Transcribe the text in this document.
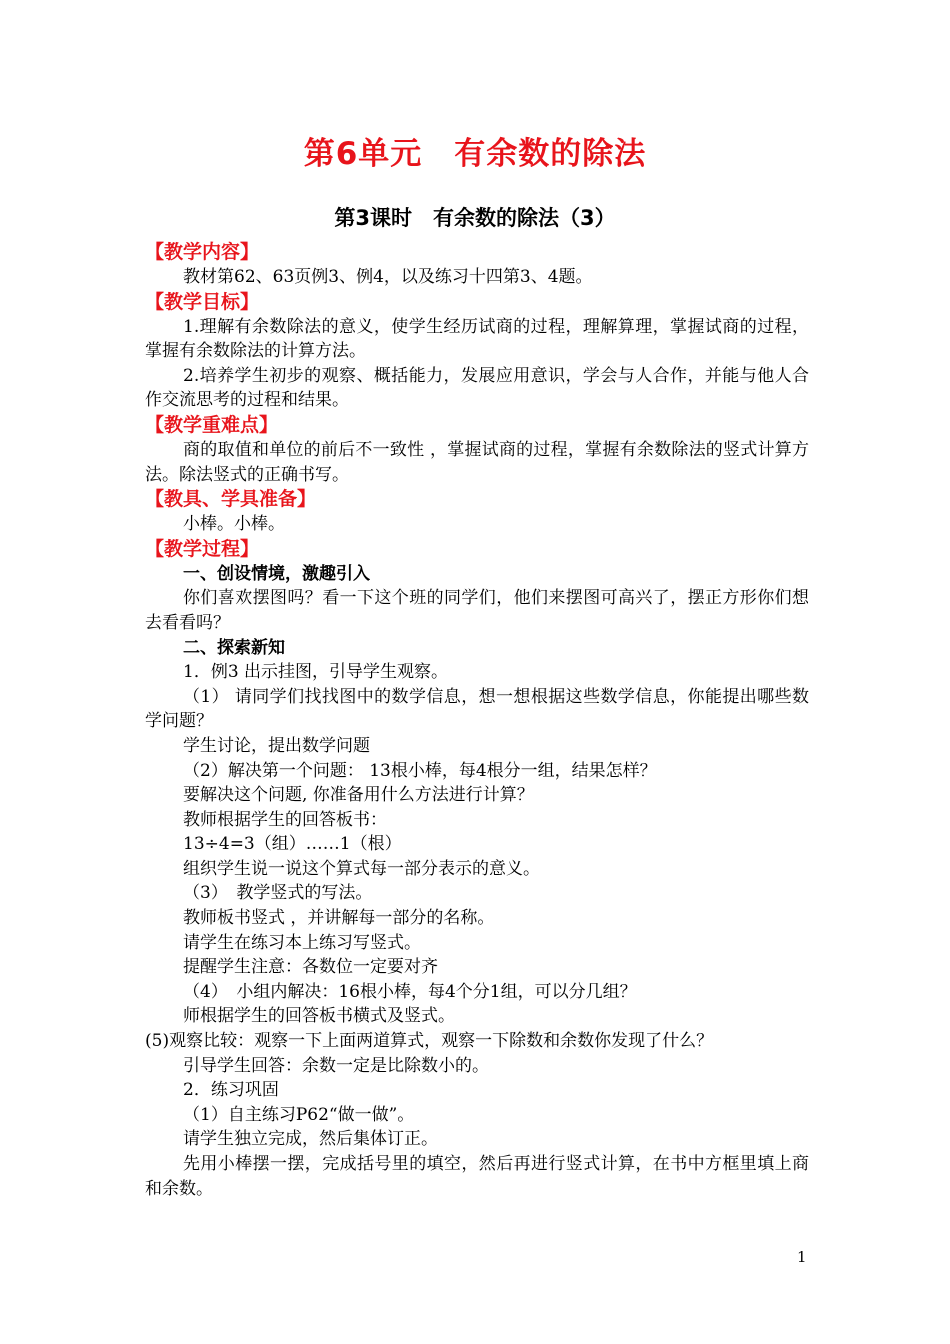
第6单元　有余数的除法
第3课时　有余数的除法（3）
【教学内容】

教材第62、63页例3、例4，以及练习十四第3、4题。

【教学目标】

1.理解有余数除法的意义，使学生经历试商的过程，理解算理，掌握试商的过程，掌握有余数除法的计算方法。

2.培养学生初步的观察、概括能力，发展应用意识，学会与人合作，并能与他人合作交流思考的过程和结果。

【教学重难点】

商的取值和单位的前后不一致性 ，掌握试商的过程，掌握有余数除法的竖式计算方法。除法竖式的正确书写。

【教具、学具准备】

小棒。小棒。

【教学过程】

一、创设情境，激趣引入

你们喜欢摆图吗？看一下这个班的同学们，他们来摆图可高兴了，摆正方形你们想去看看吗？

二、探索新知

1．例3 出示挂图，引导学生观察。

（1） 请同学们找找图中的数学信息，想一想根据这些数学信息，你能提出哪些数学问题？

学生讨论，提出数学问题

（2）解决第一个问题： 13根小棒，每4根分一组，结果怎样？

要解决这个问题, 你准备用什么方法进行计算？

教师根据学生的回答板书：

13÷4=3（组）……1（根）

组织学生说一说这个算式每一部分表示的意义。

（3）　教学竖式的写法。

教师板书竖式 ，并讲解每一部分的名称。

请学生在练习本上练习写竖式。

提醒学生注意：各数位一定要对齐

（4）　小组内解决：16根小棒，每4个分1组，可以分几组？

师根据学生的回答板书横式及竖式。

(5)观察比较：观察一下上面两道算式，观察一下除数和余数你发现了什么？

引导学生回答：余数一定是比除数小的。

2．练习巩固

（1）自主练习P62“做一做”。

请学生独立完成，然后集体订正。

先用小棒摆一摆，完成括号里的填空，然后再进行竖式计算，在书中方框里填上商和余数。

1
